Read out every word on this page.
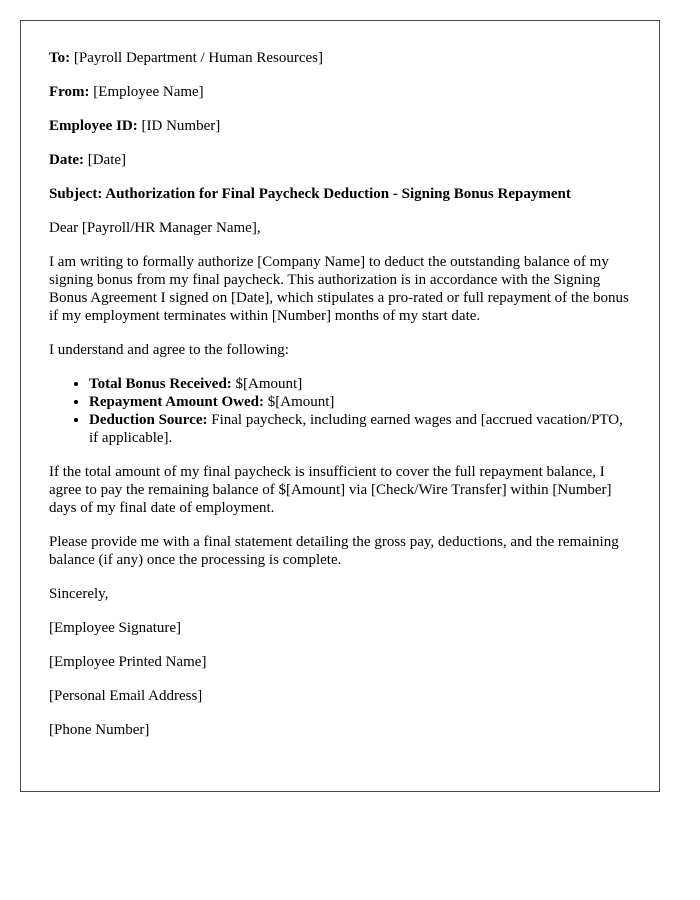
To: [Payroll Department / Human Resources]

From: [Employee Name]

Employee ID: [ID Number]

Date: [Date]

Subject: Authorization for Final Paycheck Deduction - Signing Bonus Repayment

Dear [Payroll/HR Manager Name],

I am writing to formally authorize [Company Name] to deduct the outstanding balance of my signing bonus from my final paycheck. This authorization is in accordance with the Signing Bonus Agreement I signed on [Date], which stipulates a pro-rated or full repayment of the bonus if my employment terminates within [Number] months of my start date.

I understand and agree to the following:

• Total Bonus Received: $[Amount]
• Repayment Amount Owed: $[Amount]
• Deduction Source: Final paycheck, including earned wages and [accrued vacation/PTO, if applicable].

If the total amount of my final paycheck is insufficient to cover the full repayment balance, I agree to pay the remaining balance of $[Amount] via [Check/Wire Transfer] within [Number] days of my final date of employment.

Please provide me with a final statement detailing the gross pay, deductions, and the remaining balance (if any) once the processing is complete.

Sincerely,

[Employee Signature]

[Employee Printed Name]

[Personal Email Address]

[Phone Number]
